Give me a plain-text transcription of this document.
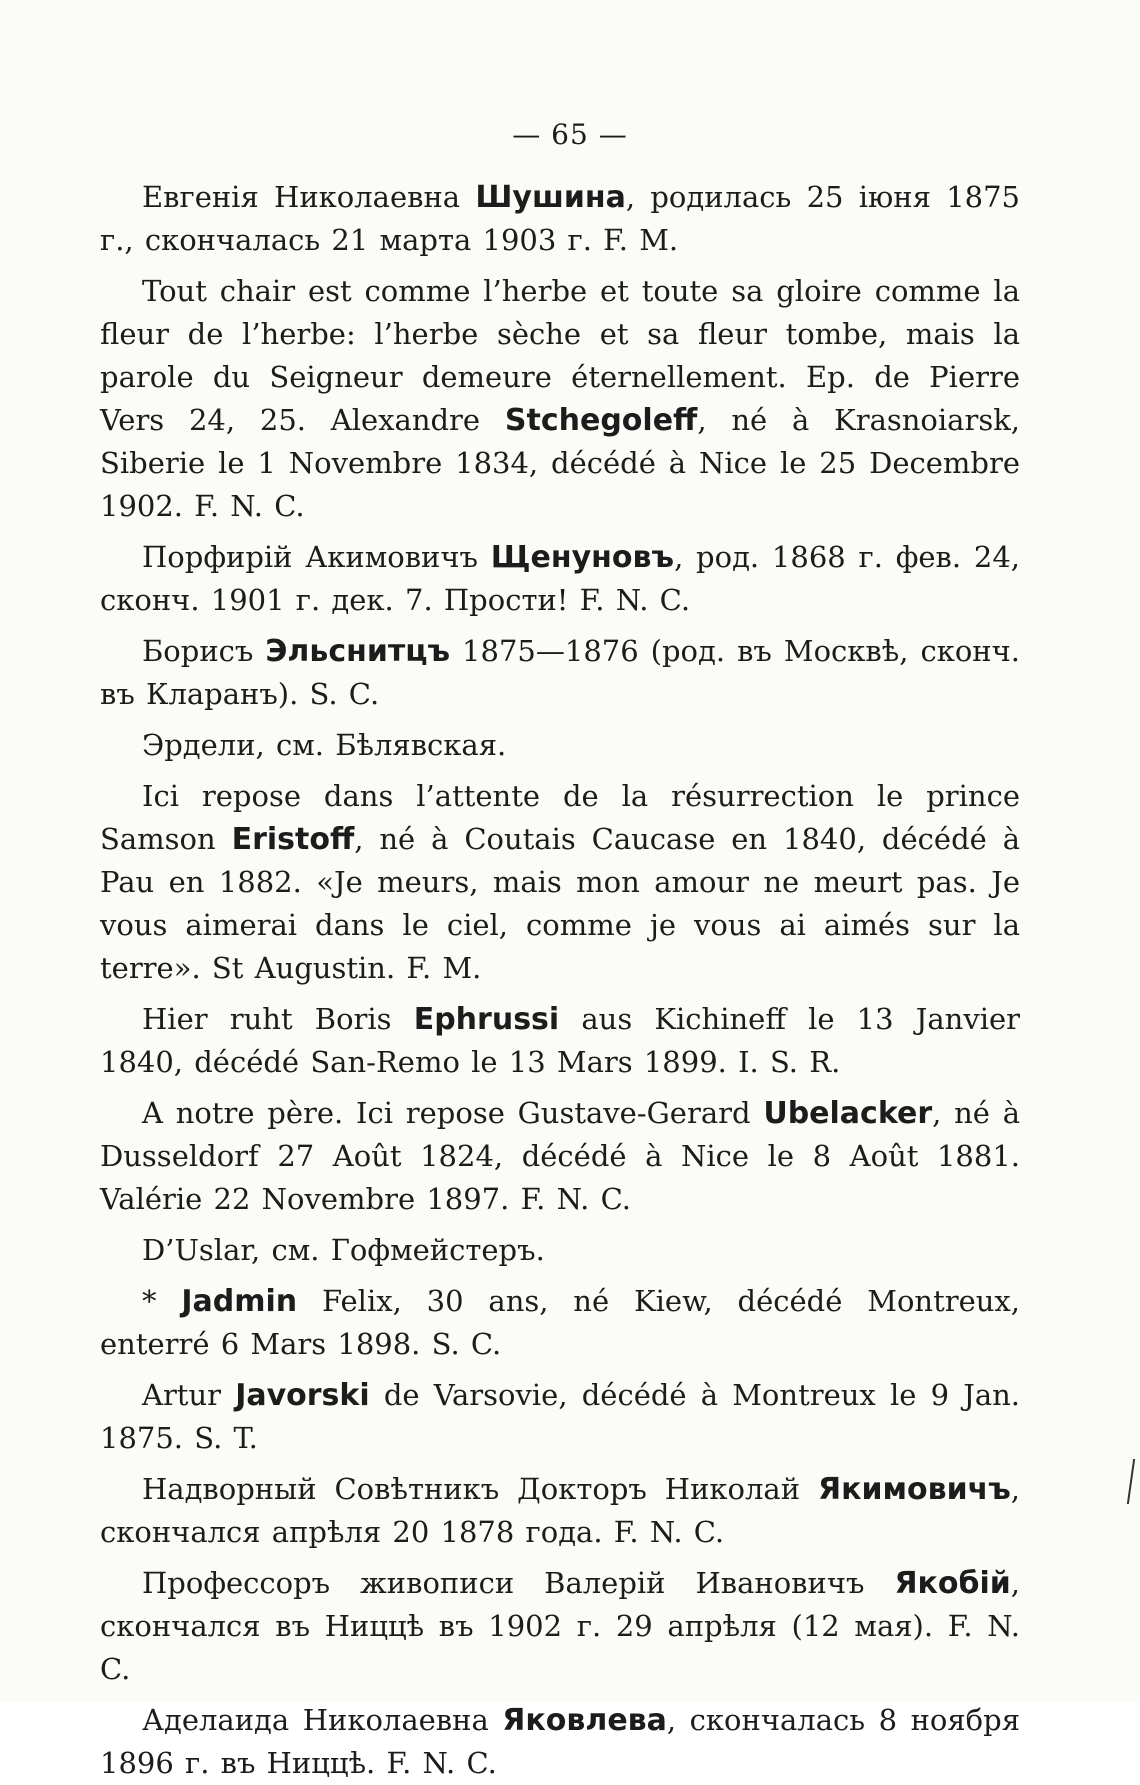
— 65 —

Евгенія Николаевна Шушина, родилась 25 іюня 1875 г., скончалась 21 марта 1903 г. F. M.

Tout chair est comme l’herbe et toute sa gloire comme la fleur de l’herbe: l’herbe sèche et sa fleur tombe, mais la parole du Seigneur demeure éternellement. Ep. de Pierre Vers 24, 25. Alexandre Stchegoleff, né à Krasnoiarsk, Siberie le 1 Novembre 1834, décédé à Nice le 25 Decembre 1902. F. N. C.

Порфирій Акимовичъ Щенуновъ, род. 1868 г. фев. 24, сконч. 1901 г. дек. 7. Прости! F. N. C.

Борисъ Эльснитцъ 1875—1876 (род. въ Москвѣ, сконч. въ Кларанъ). S. C.

Эрдели, см. Бѣлявская.

Ici repose dans l’attente de la résurrection le prince Samson Eristoff, né à Coutais Caucase en 1840, décédé à Pau en 1882. «Je meurs, mais mon amour ne meurt pas. Je vous aimerai dans le ciel, comme je vous ai aimés sur la terre». St Augustin. F. M.

Hier ruht Boris Ephrussi aus Kichineff le 13 Janvier 1840, décédé San-Remo le 13 Mars 1899. I. S. R.

A notre père. Ici repose Gustave-Gerard Ubelacker, né à Dusseldorf 27 Août 1824, décédé à Nice le 8 Août 1881. Valérie 22 Novembre 1897. F. N. C.

D’Uslar, см. Гофмейстеръ.

* Jadmin Felix, 30 ans, né Kiew, décédé Montreux, enterré 6 Mars 1898. S. C.

Artur Javorski de Varsovie, décédé à Montreux le 9 Jan. 1875. S. T.

Надворный Совѣтникъ Докторъ Николай Якимовичъ, скончался апрѣля 20 1878 года. F. N. C.

Профессоръ живописи Валерій Ивановичъ Якобій, скончался въ Ниццѣ въ 1902 г. 29 апрѣля (12 мая). F. N. C.

Аделаида Николаевна Яковлева, скончалась 8 ноября 1896 г. въ Ниццѣ. F. N. C.
